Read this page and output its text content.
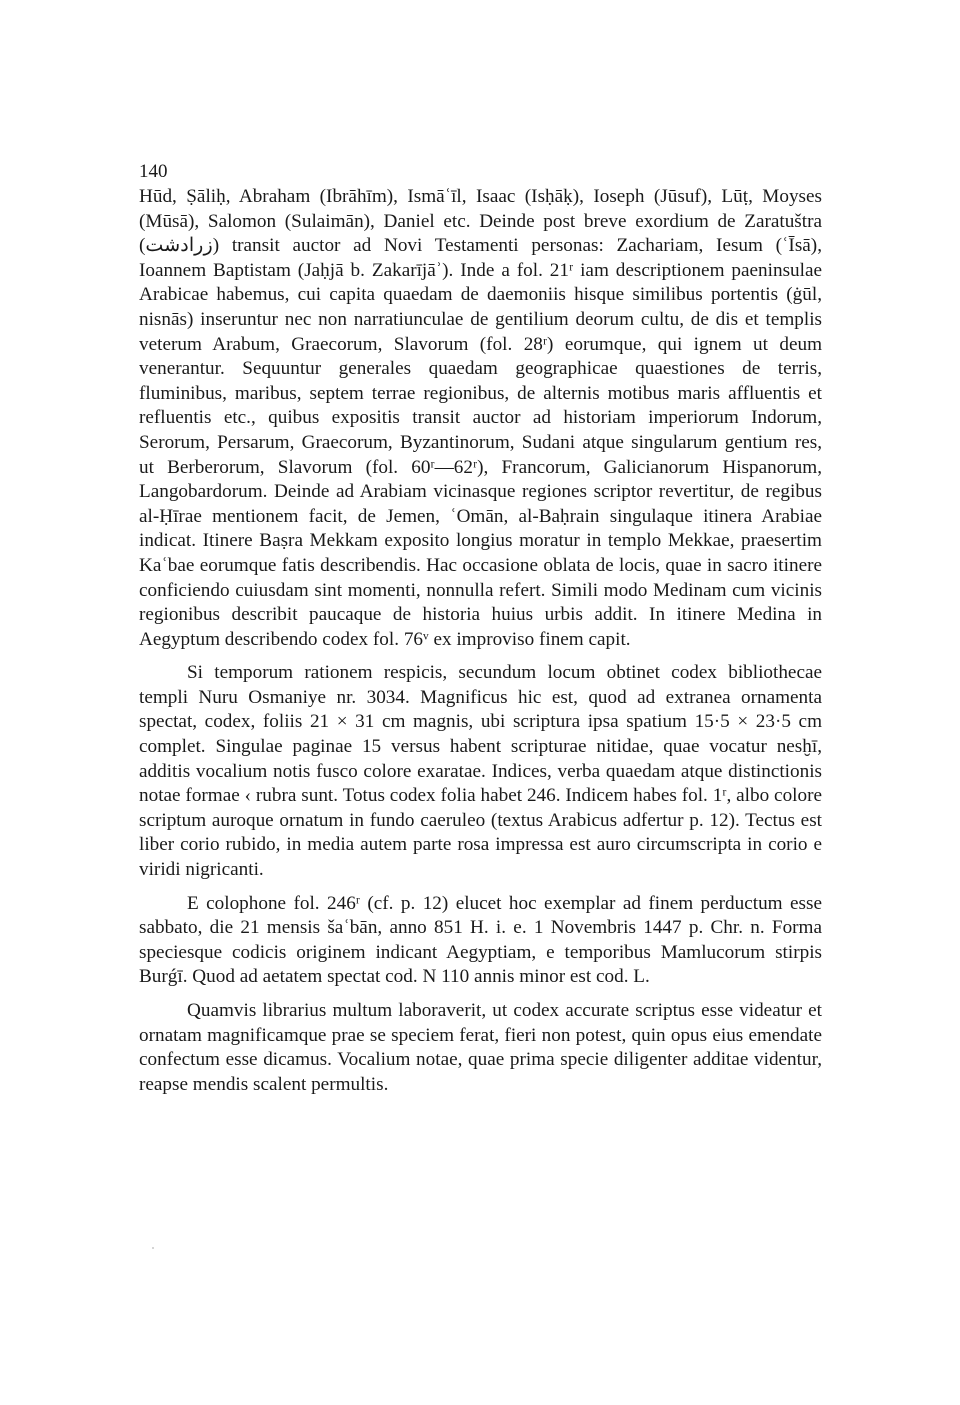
140

Hūd, Ṣāliḥ, Abraham (Ibrāhīm), Ismāʿīl, Isaac (Isḥāḳ), Ioseph (Jūsuf), Lūṭ, Moyses (Mūsā), Salomon (Sulaimān), Daniel etc. Deinde post breve exordium de Zaratuštra (زرادشت) transit auctor ad Novi Testamenti personas: Zachariam, Iesum (ʿĪsā), Ioannem Baptistam (Jaḥjā b. Zakarījāʾ). Inde a fol. 21ʳ iam descriptionem paeninsulae Arabicae habemus, cui capita quaedam de daemoniis hisque similibus portentis (ġūl, nisnās) inseruntur nec non narratiunculae de gentilium deorum cultu, de dis et templis veterum Arabum, Graecorum, Slavorum (fol. 28ʳ) eorumque, qui ignem ut deum venerantur. Sequuntur generales quaedam geographicae quaestiones de terris, fluminibus, maribus, septem terrae regionibus, de alternis motibus maris affluentis et refluentis etc., quibus expositis transit auctor ad historiam imperiorum Indorum, Serorum, Persarum, Graecorum, Byzantinorum, Sudani atque singularum gentium res, ut Berberorum, Slavorum (fol. 60ʳ—62ʳ), Francorum, Galicianorum Hispanorum, Langobardorum. Deinde ad Arabiam vicinasque regiones scriptor revertitur, de regibus al-Ḥīrae mentionem facit, de Jemen, ʿOmān, al-Baḥrain singulaque itinera Arabiae indicat. Itinere Baṣra Mekkam exposito longius moratur in templo Mekkae, praesertim Kaʿbae eorumque fatis describendis. Hac occasione oblata de locis, quae in sacro itinere conficiendo cuiusdam sint momenti, nonnulla refert. Simili modo Medinam cum vicinis regionibus describit paucaque de historia huius urbis addit. In itinere Medina in Aegyptum describendo codex fol. 76ᵛ ex improviso finem capit.

Si temporum rationem respicis, secundum locum obtinet codex bibliothecae templi Nuru Osmaniye nr. 3034. Magnificus hic est, quod ad extranea ornamenta spectat, codex, foliis 21 × 31 cm magnis, ubi scriptura ipsa spatium 15·5 × 23·5 cm complet. Singulae paginae 15 versus habent scripturae nitidae, quae vocatur nesḫī, additis vocalium notis fusco colore exaratae. Indices, verba quaedam atque distinctionis notae formae ‹ rubra sunt. Totus codex folia habet 246. Indicem habes fol. 1ʳ, albo colore scriptum auroque ornatum in fundo caeruleo (textus Arabicus adfertur p. 12). Tectus est liber corio rubido, in media autem parte rosa impressa est auro circumscripta in corio e viridi nigricanti.

E colophone fol. 246ʳ (cf. p. 12) elucet hoc exemplar ad finem perductum esse sabbato, die 21 mensis šaʿbān, anno 851 H. i. e. 1 Novembris 1447 p. Chr. n. Forma speciesque codicis originem indicant Aegyptiam, e temporibus Mamlucorum stirpis Burǵī. Quod ad aetatem spectat cod. N 110 annis minor est cod. L.

Quamvis librarius multum laboraverit, ut codex accurate scriptus esse videatur et ornatam magnificamque prae se speciem ferat, fieri non potest, quin opus eius emendate confectum esse dicamus. Vocalium notae, quae prima specie diligenter additae videntur, reapse mendis scalent permultis.
